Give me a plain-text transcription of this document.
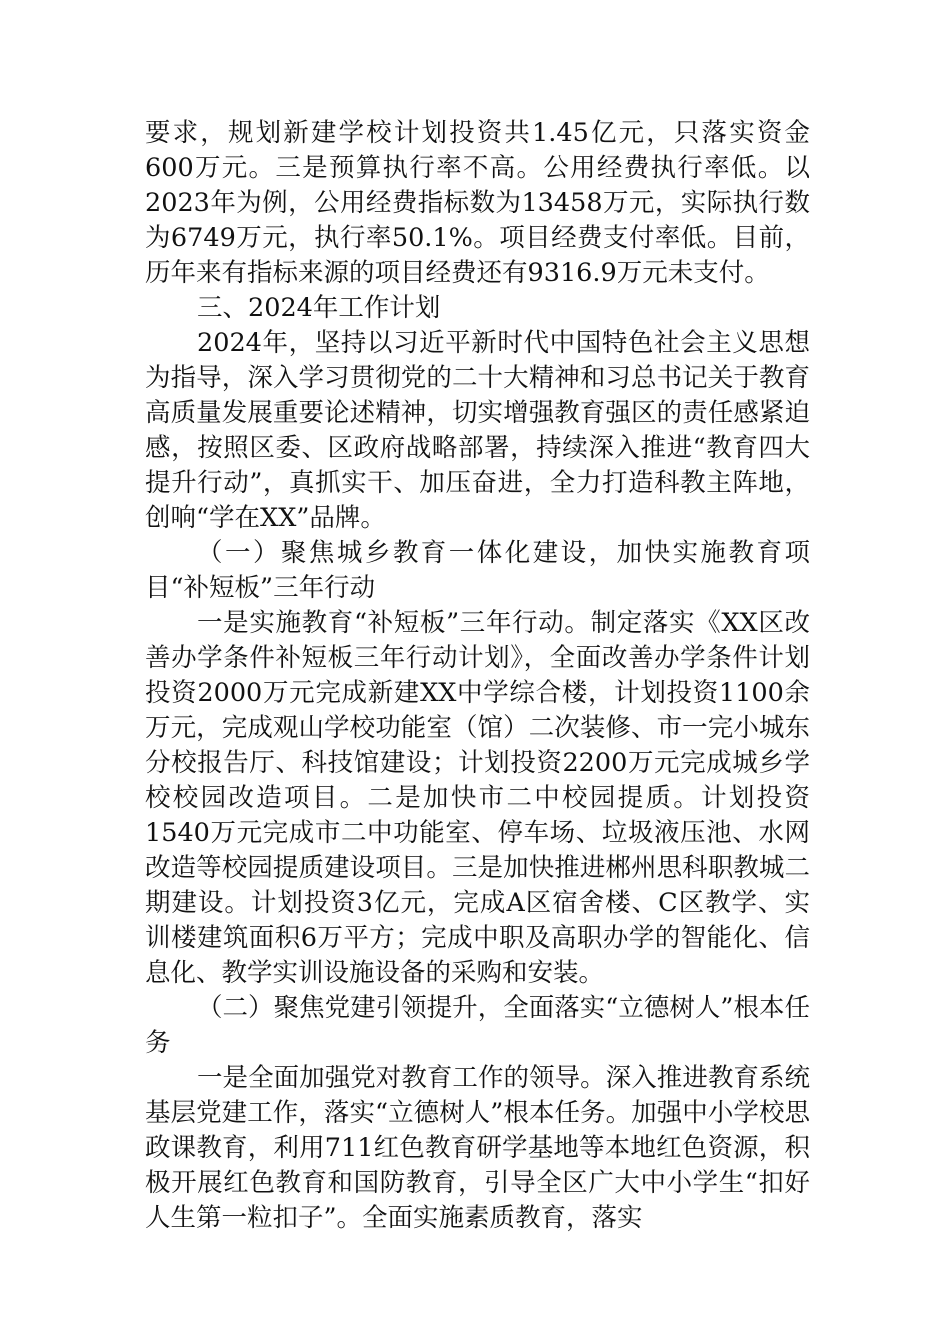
要求，规划新建学校计划投资共1.45亿元，只落实资金600万元。三是预算执行率不高。公用经费执行率低。以2023年为例，公用经费指标数为13458万元，实际执行数为6749万元，执行率50.1%。项目经费支付率低。目前，历年来有指标来源的项目经费还有9316.9万元未支付。

三、2024年工作计划

2024年，坚持以习近平新时代中国特色社会主义思想为指导，深入学习贯彻党的二十大精神和习总书记关于教育高质量发展重要论述精神，切实增强教育强区的责任感紧迫感，按照区委、区政府战略部署，持续深入推进“教育四大提升行动”，真抓实干、加压奋进，全力打造科教主阵地，创响“学在XX”品牌。

（一）聚焦城乡教育一体化建设，加快实施教育项目“补短板”三年行动

一是实施教育“补短板”三年行动。制定落实《XX区改善办学条件补短板三年行动计划》，全面改善办学条件计划投资2000万元完成新建XX中学综合楼，计划投资1100余万元，完成观山学校功能室（馆）二次装修、市一完小城东分校报告厅、科技馆建设；计划投资2200万元完成城乡学校校园改造项目。二是加快市二中校园提质。计划投资1540万元完成市二中功能室、停车场、垃圾液压池、水网改造等校园提质建设项目。三是加快推进郴州思科职教城二期建设。计划投资3亿元，完成A区宿舍楼、C区教学、实训楼建筑面积6万平方；完成中职及高职办学的智能化、信息化、教学实训设施设备的采购和安装。

（二）聚焦党建引领提升，全面落实“立德树人”根本任务

一是全面加强党对教育工作的领导。深入推进教育系统基层党建工作，落实“立德树人”根本任务。加强中小学校思政课教育，利用711红色教育研学基地等本地红色资源，积极开展红色教育和国防教育，引导全区广大中小学生“扣好人生第一粒扣子”。全面实施素质教育，落实
